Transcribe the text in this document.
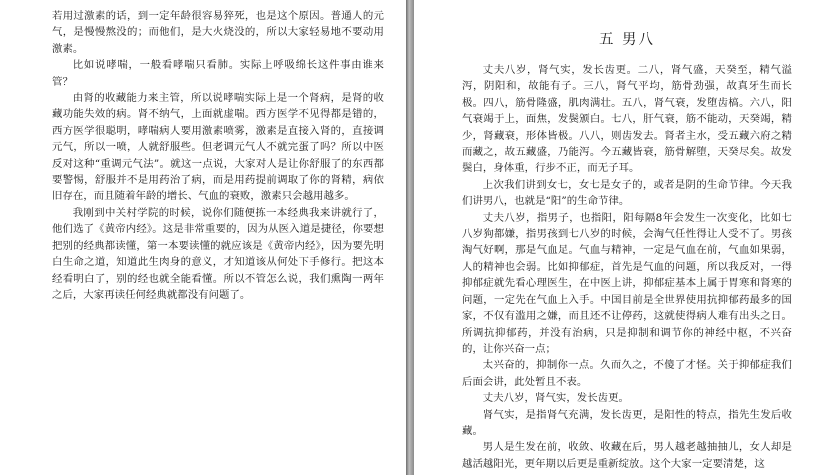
若用过激素的话，到一定年龄很容易猝死，也是这个原因。普通人的元气，是慢慢熬没的；而他们，是大火烧没的，所以大家轻易地不要动用激素。

比如说哮喘，一般看哮喘只看肺。实际上呼吸绵长这件事由谁来管？

由肾的收藏能力来主管，所以说哮喘实际上是一个肾病，是肾的收藏功能失效的病。肾不纳气，上面就虚喘。西方医学不见得都是错的，西方医学很聪明，哮喘病人要用激素喷雾，激素是直接入肾的，直接调元气，所以一喷，人就舒服些。但老调元气人不就完蛋了吗？所以中医反对这种“重调元气法”。就这一点说，大家对人是让你舒服了的东西都要警惕，舒服并不是用药治了病，而是用药提前调取了你的肾精，病依旧存在，而且随着年龄的增长、气血的衰败，激素只会越用越多。

我刚到中关村学院的时候，说你们随便拣一本经典我来讲就行了，他们选了《黄帝内经》。这是非常重要的，因为从医入道是捷径，你要想把别的经典都读懂，第一本要读懂的就应该是《黄帝内经》，因为要先明白生命之道，知道此生肉身的意义，才知道该从何处下手修行。把这本经看明白了，别的经也就全能看懂。所以不管怎么说，我们熏陶一两年之后，大家再读任何经典就都没有问题了。

五 男八

丈夫八岁，肾气实，发长齿更。二八，肾气盛，天癸至，精气溢泻，阴阳和，故能有子。三八，肾气平均，筋骨劲强，故真牙生而长极。四八，筋骨隆盛，肌肉满壮。五八，肾气衰，发堕齿槁。六八，阳气衰竭于上，面焦，发鬓颁白。七八，肝气衰，筋不能动，天癸竭，精少，肾藏衰，形体皆极。八八，则齿发去。肾者主水，受五藏六府之精而藏之，故五藏盛，乃能泻。今五藏皆衰，筋骨解堕，天癸尽矣。故发鬓白，身体重，行步不正，而无子耳。

上次我们讲到女七，女七是女子的，或者是阴的生命节律。今天我们讲男八，也就是“阳”的生命节律。

丈夫八岁，指男子，也指阳，阳每隔8年会发生一次变化，比如七八岁狗都嫌，指男孩到七八岁的时候，会淘气任性得让人受不了。男孩淘气好啊，那是气血足。气血与精神，一定是气血在前，气血如果弱，人的精神也会弱。比如抑郁症，首先是气血的问题，所以我反对，一得抑郁症就先看心理医生，在中医上讲，抑郁症基本上属于胃寒和肾寒的问题，一定先在气血上入手。中国目前是全世界使用抗抑郁药最多的国家，不仅有滥用之嫌，而且还不让停药，这就使得病人难有出头之日。所调抗抑郁药，并没有治病，只是抑制和调节你的神经中枢，不兴奋的，让你兴奋一点；

太兴奋的，抑制你一点。久而久之，不傻了才怪。关于抑郁症我们后面会讲，此处暂且不表。

丈夫八岁，肾气实，发长齿更。

肾气实，是指肾气充满，发长齿更，是阳性的特点，指先生发后收藏。

男人是生发在前，收敛、收藏在后，男人越老越抽抽儿，女人却是越活越阳光，更年期以后更是重新绽放。这个大家一定要清楚，这
